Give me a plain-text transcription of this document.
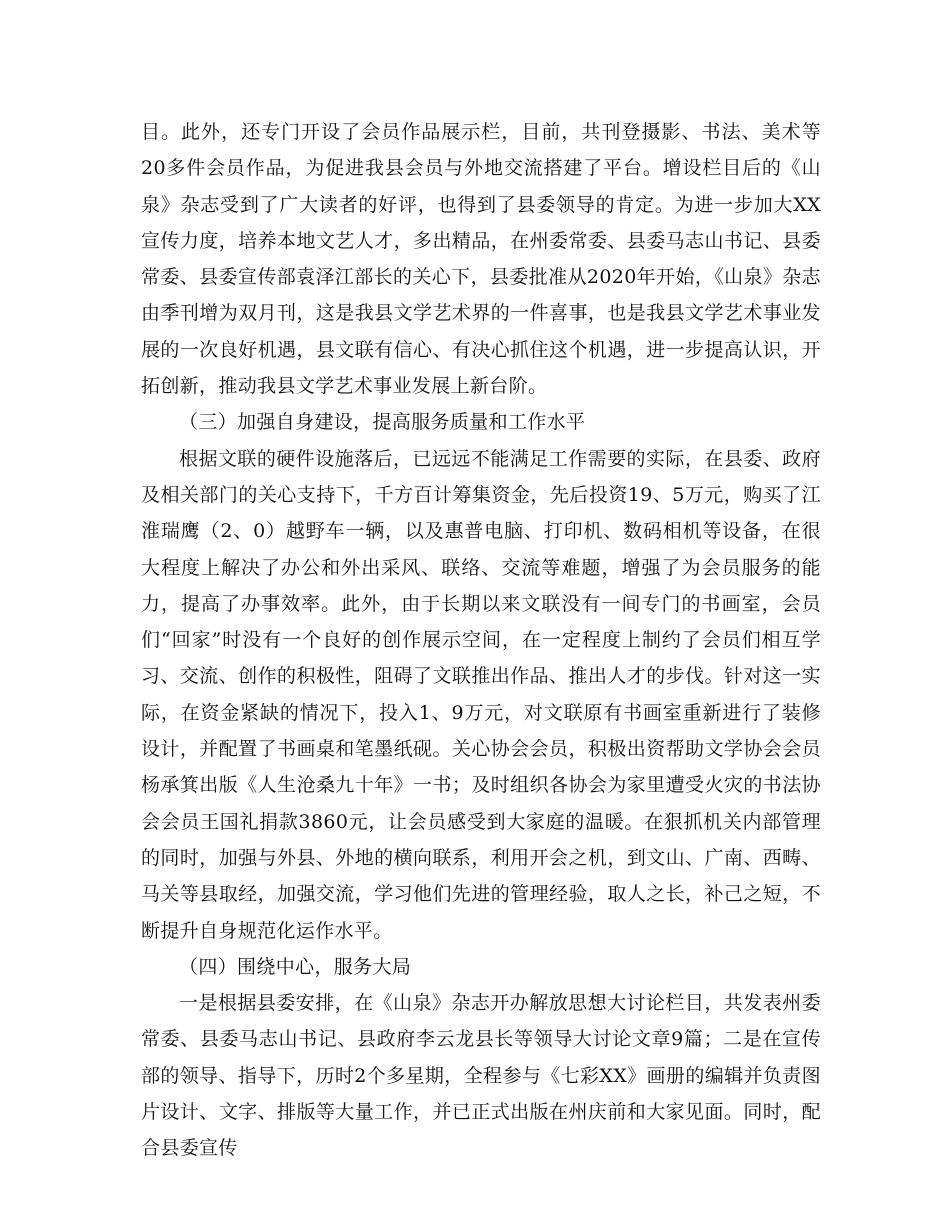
目。此外，还专门开设了会员作品展示栏，目前，共刊登摄影、书法、美术等20多件会员作品，为促进我县会员与外地交流搭建了平台。增设栏目后的《山泉》杂志受到了广大读者的好评，也得到了县委领导的肯定。为进一步加大XX宣传力度，培养本地文艺人才，多出精品，在州委常委、县委马志山书记、县委常委、县委宣传部袁泽江部长的关心下，县委批准从2020年开始，《山泉》杂志由季刊增为双月刊，这是我县文学艺术界的一件喜事，也是我县文学艺术事业发展的一次良好机遇，县文联有信心、有决心抓住这个机遇，进一步提高认识，开拓创新，推动我县文学艺术事业发展上新台阶。

（三）加强自身建设，提高服务质量和工作水平

根据文联的硬件设施落后，已远远不能满足工作需要的实际，在县委、政府及相关部门的关心支持下，千方百计筹集资金，先后投资19、5万元，购买了江淮瑞鹰（2、0）越野车一辆，以及惠普电脑、打印机、数码相机等设备，在很大程度上解决了办公和外出采风、联络、交流等难题，增强了为会员服务的能力，提高了办事效率。此外，由于长期以来文联没有一间专门的书画室，会员们“回家”时没有一个良好的创作展示空间，在一定程度上制约了会员们相互学习、交流、创作的积极性，阻碍了文联推出作品、推出人才的步伐。针对这一实际，在资金紧缺的情况下，投入1、9万元，对文联原有书画室重新进行了装修设计，并配置了书画桌和笔墨纸砚。关心协会会员，积极出资帮助文学协会会员杨承箕出版《人生沧桑九十年》一书；及时组织各协会为家里遭受火灾的书法协会会员王国礼捐款3860元，让会员感受到大家庭的温暖。在狠抓机关内部管理的同时，加强与外县、外地的横向联系，利用开会之机，到文山、广南、西畴、马关等县取经，加强交流，学习他们先进的管理经验，取人之长，补己之短，不断提升自身规范化运作水平。

（四）围绕中心，服务大局

一是根据县委安排，在《山泉》杂志开办解放思想大讨论栏目，共发表州委常委、县委马志山书记、县政府李云龙县长等领导大讨论文章9篇；二是在宣传部的领导、指导下，历时2个多星期，全程参与《七彩XX》画册的编辑并负责图片设计、文字、排版等大量工作，并已正式出版在州庆前和大家见面。同时，配合县委宣传
